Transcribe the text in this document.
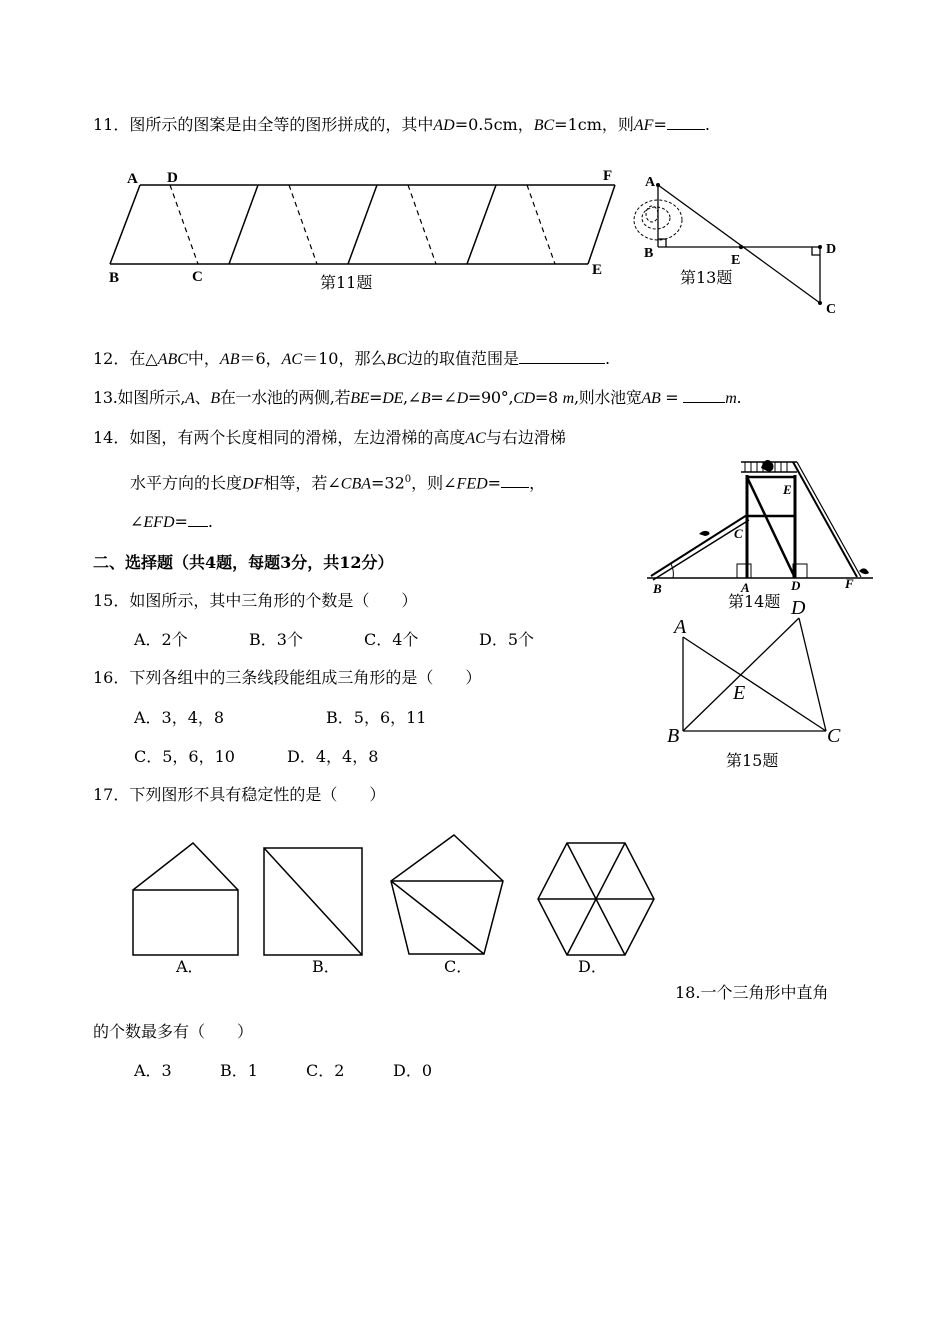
11．图所示的图案是由全等的图形拼成的，其中AD=0.5cm，BC=1cm，则AF= .
A D	F
B	C	E
第11题
A
B	E
D
C
第13题
12．在△ABC中，AB＝6，AC＝10，那么BC边的取值范围是	.
13.如图所示,A、B在一水池的两侧,若BE=DE,∠B=∠D=90°,CD=8 m,则水池宽AB =	m.
14．如图，有两个长度相同的滑梯，左边滑梯的高度AC与右边滑梯
水平方向的长度DF相等，若$\angle CBA=32^0$，则∠FED= ，
∠EFD= .
B	A	D	F
C
E
第14题
二、选择题（共4题，每题3分，共12分）
15．如图所示，其中三角形的个数是（　　）
A．2个	B．3个	C．4个	D．5个
A
D
E
B	C
第15题
16．下列各组中的三条线段能组成三角形的是（　　）
A．3，4，8	B．5，6，11
C．5，6，10	D．4，4，8
17．下列图形不具有稳定性的是（　　）
A．	B．	C．	D．
18.一个三角形中直角
的个数最多有（　　）
A．3	B．1	C．2	D．0
